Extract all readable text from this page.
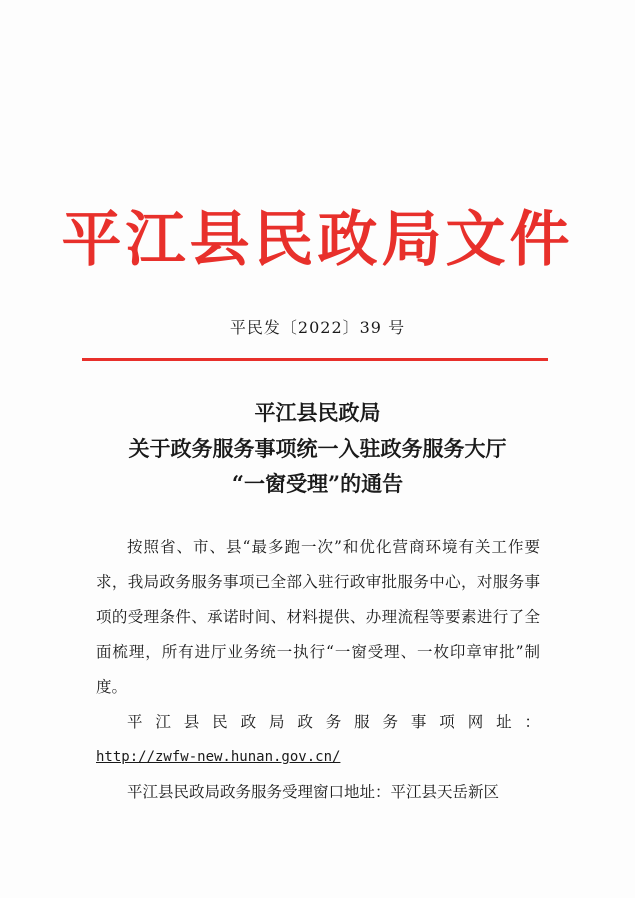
平江县民政局文件
平民发〔2022〕39 号
平江县民政局
关于政务服务事项统一入驻政务服务大厅
“一窗受理”的通告

按照省、市、县“最多跑一次”和优化营商环境有关工作要求，我局政务服务事项已全部入驻行政审批服务中心，对服务事项的受理条件、承诺时间、材料提供、办理流程等要素进行了全面梳理，所有进厅业务统一执行“一窗受理、一枚印章审批”制度。

平江县民政局政务服务事项网址：

http://zwfw-new.hunan.gov.cn/

平江县民政局政务服务受理窗口地址：平江县天岳新区
